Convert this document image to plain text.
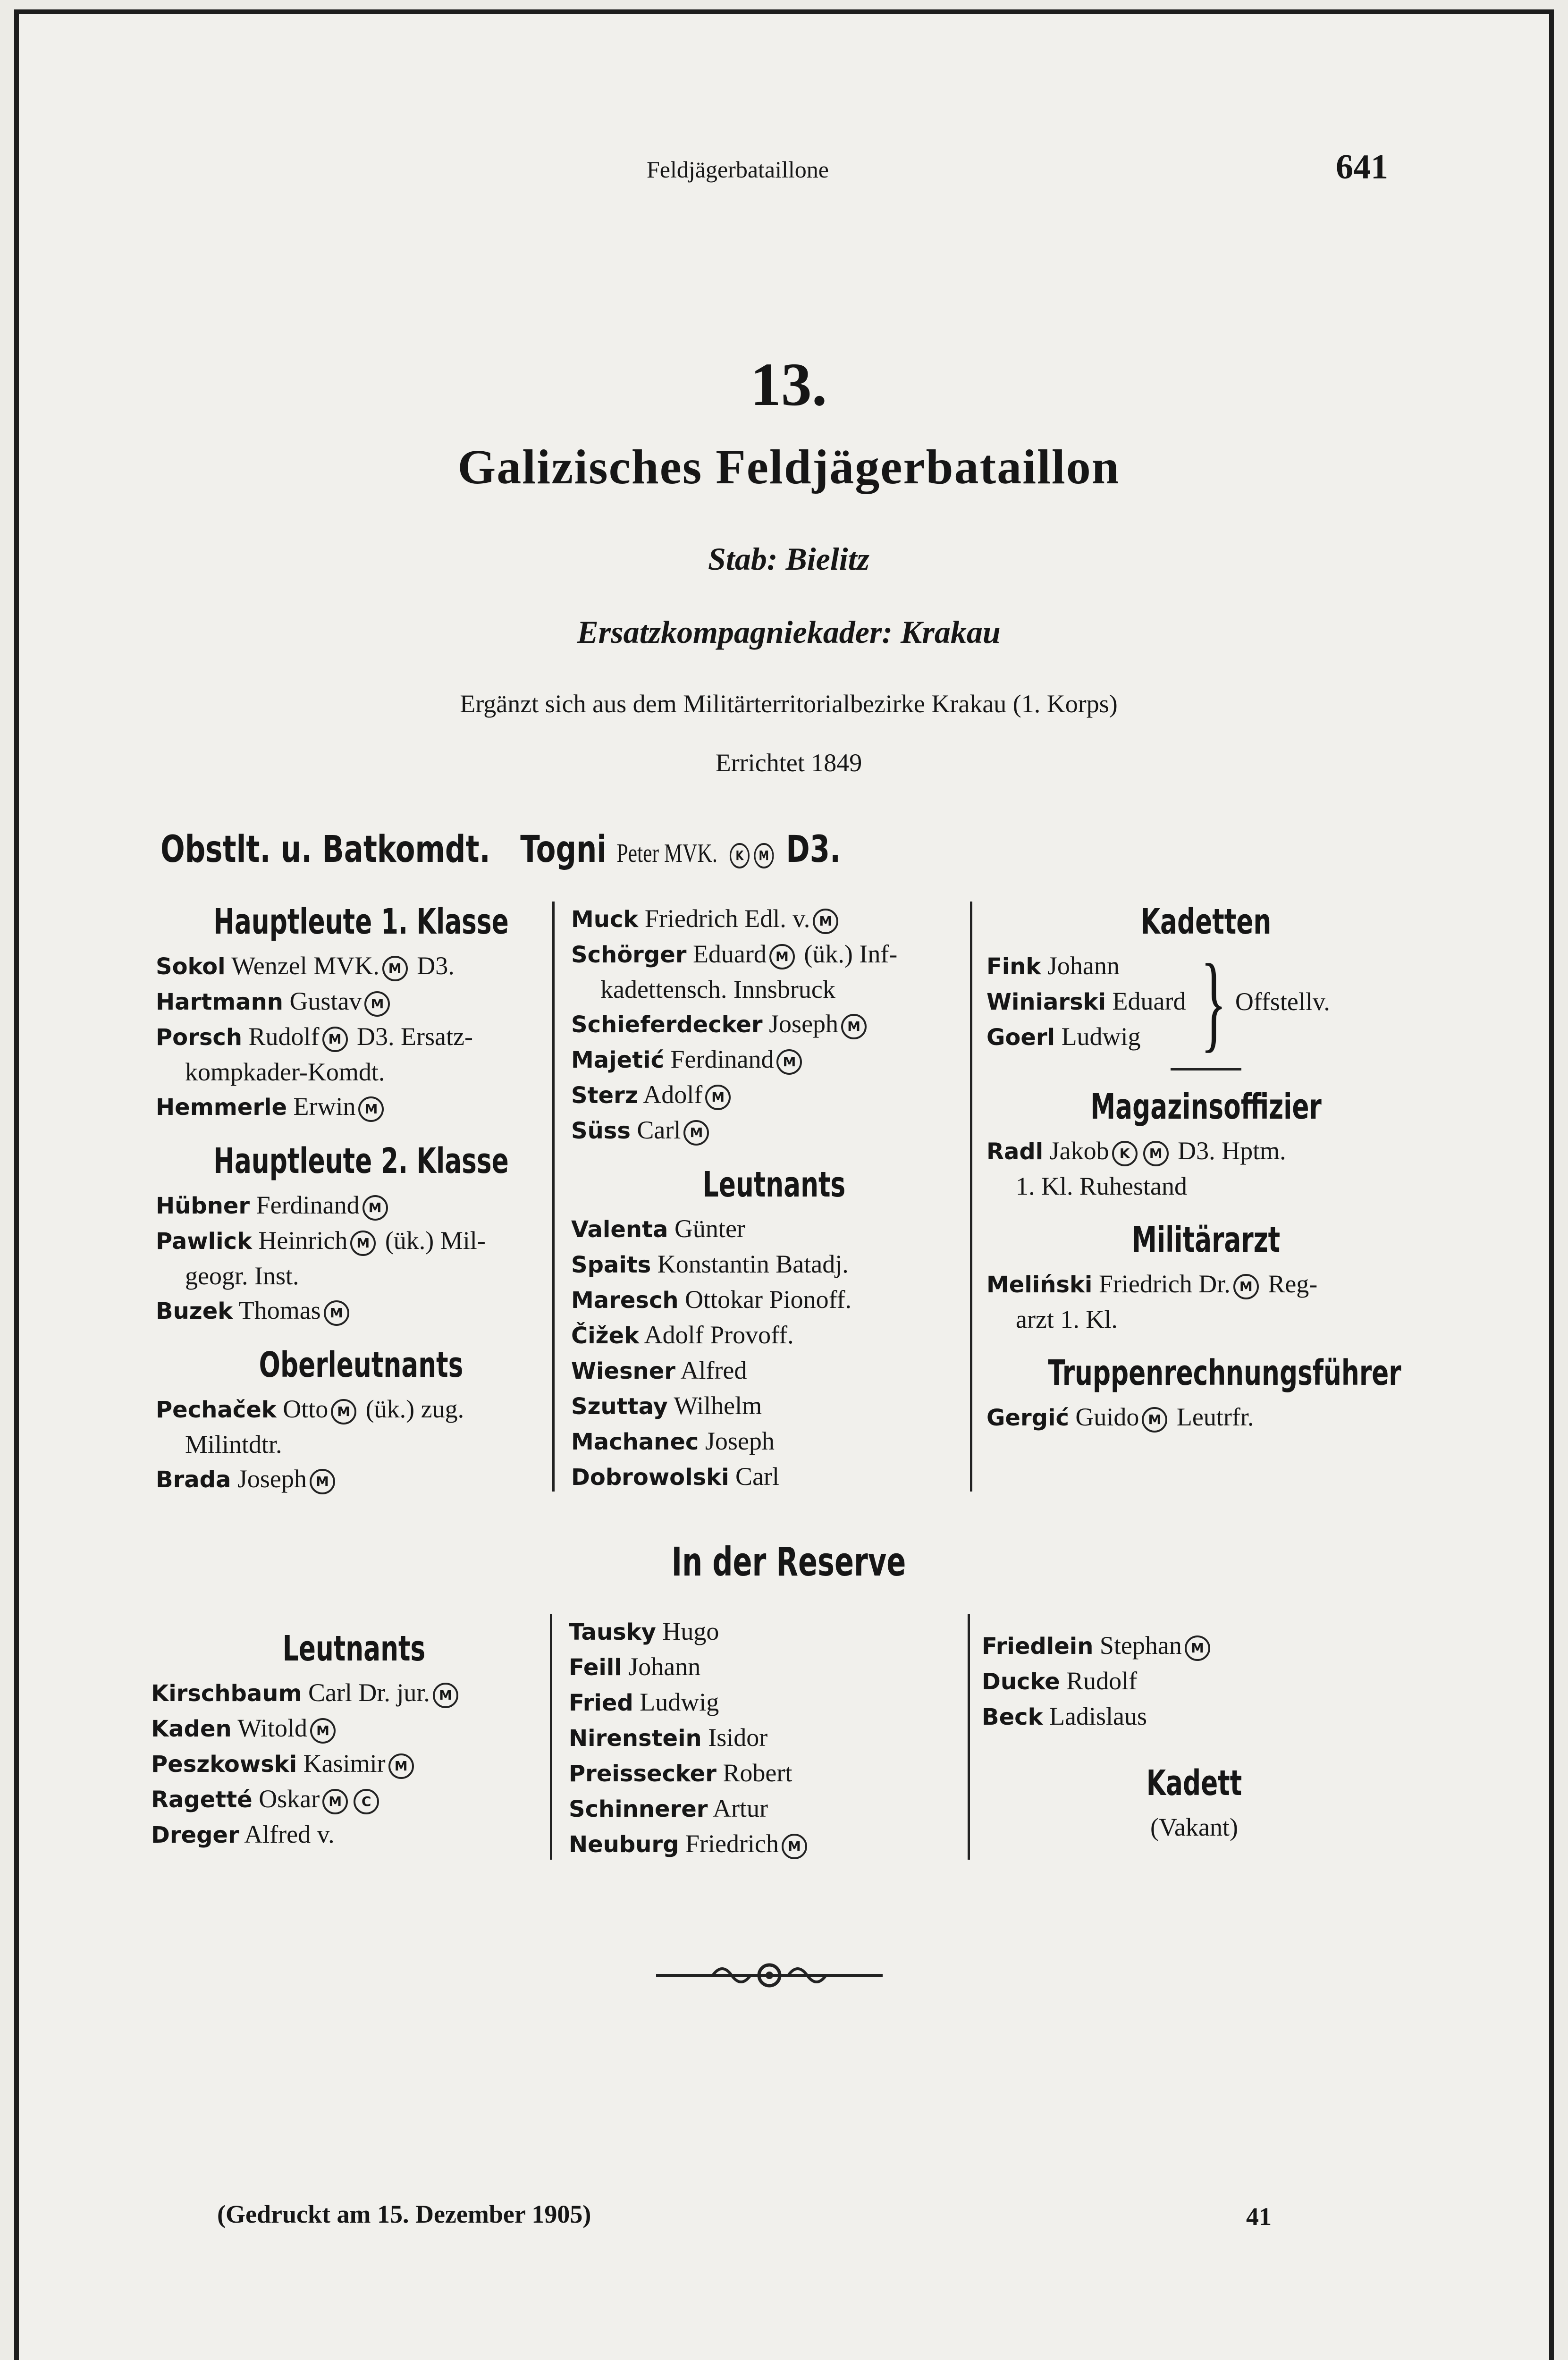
Feldjägerbataillone	641
13.
Galizisches Feldjägerbataillon
Stab: Bielitz
Ersatzkompagniekader: Krakau
Ergänzt sich aus dem Militärterritorialbezirke Krakau (1. Korps)
Errichtet 1849
Obstlt. u. Batkomdt. Togni Peter MVK. K M D3.
Hauptleute 1. Klasse
Sokol Wenzel MVK. M D3.
Hartmann Gustav M
Porsch Rudolf M D3. Ersatz-
kompkader-Komdt.
Hemmerle Erwin M
Hauptleute 2. Klasse
Hübner Ferdinand M
Pawlick Heinrich M (ük.) Mil-
geogr. Inst.
Buzek Thomas M
Oberleutnants
Pechaček Otto M (ük.) zug.
Milintdtr.
Brada Joseph M
Muck Friedrich Edl. v. M
Schörger Eduard M (ük.) Inf-
kadettensch. Innsbruck
Schieferdecker Joseph M
Majetić Ferdinand M
Sterz Adolf M
Süss Carl M
Leutnants
Valenta Günter
Spaits Konstantin Batadj.
Maresch Ottokar Pionoff.
Čižek Adolf Provoff.
Wiesner Alfred
Szuttay Wilhelm
Machanec Joseph
Dobrowolski Carl
Kadetten
Fink Johann
Winiarski Eduard
Goerl Ludwig } Offstellv.
Magazinsoffizier
Radl Jakob K M D3. Hptm.
1. Kl. Ruhestand
Militärarzt
Meliński Friedrich Dr. M Reg-
arzt 1. Kl.
Truppenrechnungsführer
Gergić Guido M Leutrfr.
In der Reserve
Leutnants
Kirschbaum Carl Dr. jur. M
Kaden Witold M
Peszkowski Kasimir M
Ragetté Oskar M C
Dreger Alfred v.
Tausky Hugo
Feill Johann
Fried Ludwig
Nirenstein Isidor
Preissecker Robert
Schinnerer Artur
Neuburg Friedrich M
Friedlein Stephan M
Ducke Rudolf
Beck Ladislaus
Kadett
(Vakant)
(Gedruckt am 15. Dezember 1905)	41
